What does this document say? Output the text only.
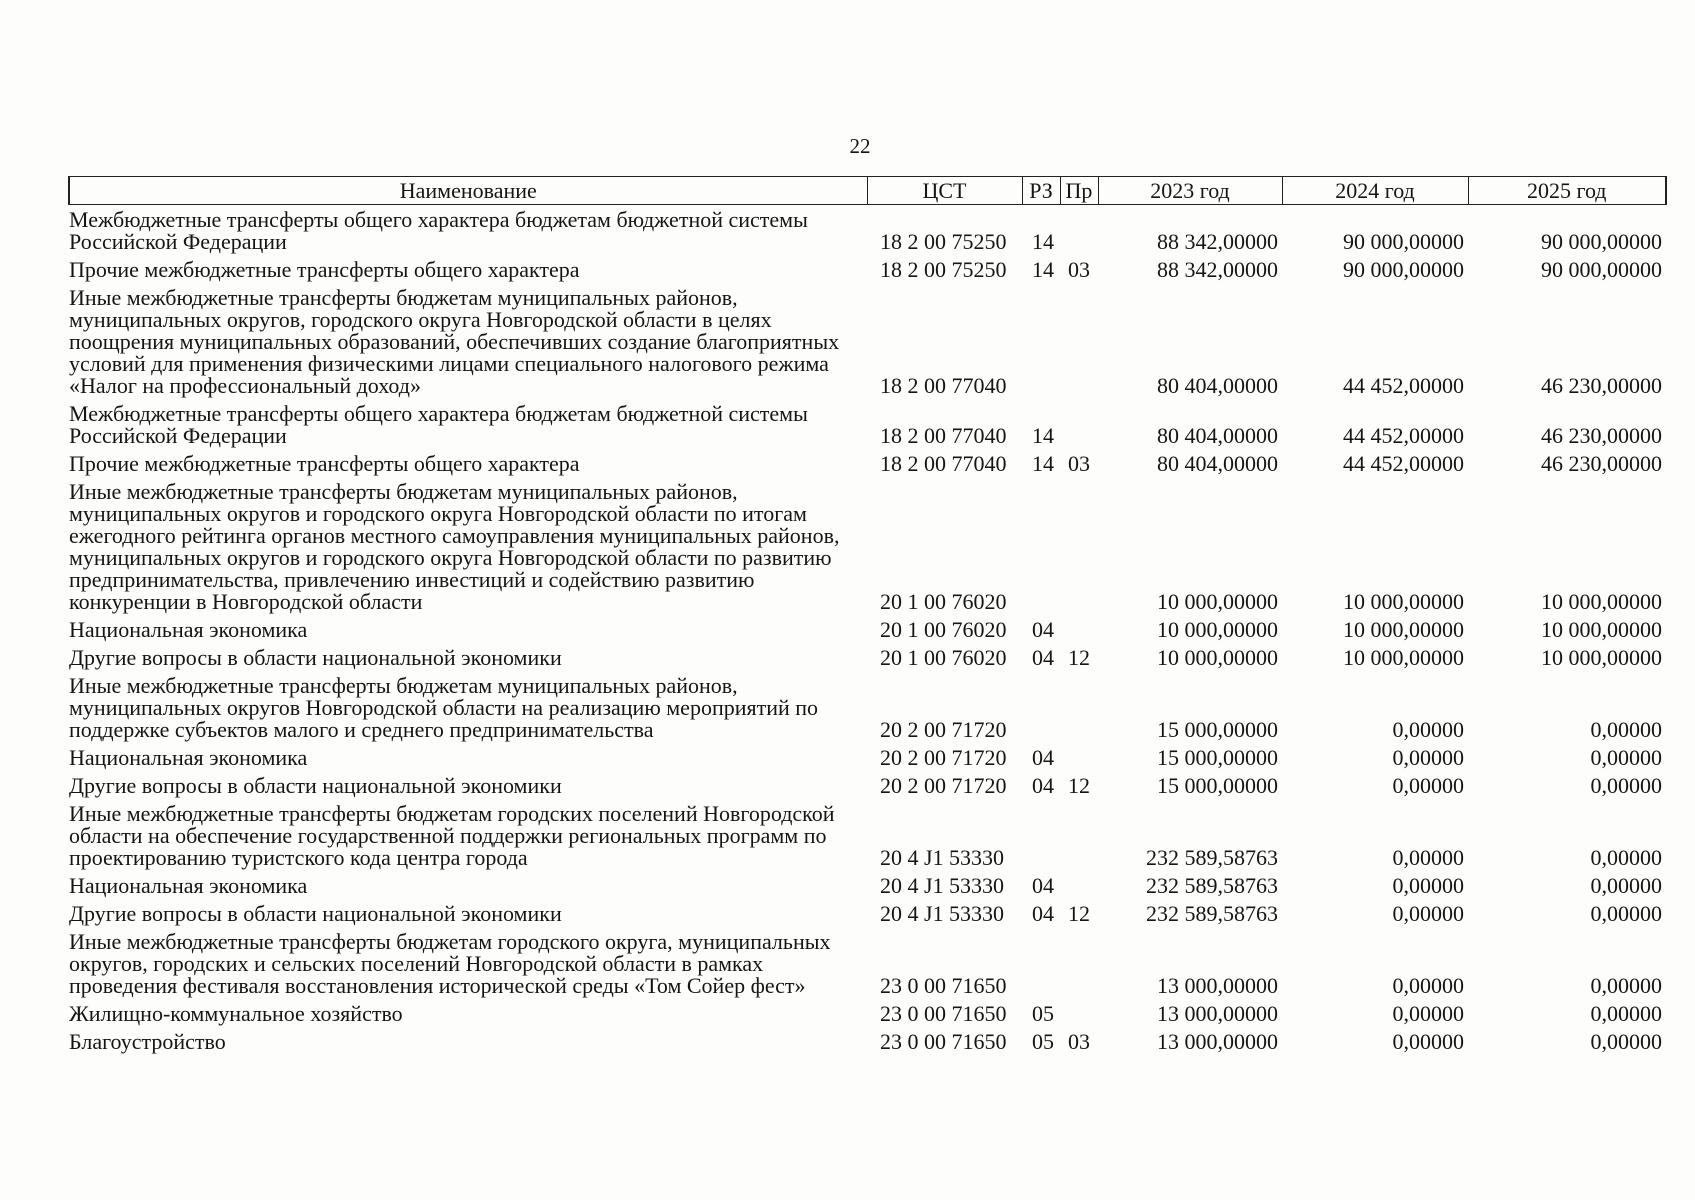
22
Наименование	ЦСТ	РЗ	Пр	2023 год	2024 год	2025 год
Межбюджетные трансферты общего характера бюджетам бюджетной системы Российской Федерации	18 2 00 75250	14		88 342,00000	90 000,00000	90 000,00000
Прочие межбюджетные трансферты общего характера	18 2 00 75250	14	03	88 342,00000	90 000,00000	90 000,00000
Иные межбюджетные трансферты бюджетам муниципальных районов, муниципальных округов, городского округа Новгородской области в целях поощрения муниципальных образований, обеспечивших создание благоприятных условий для применения физическими лицами специального налогового режима «Налог на профессиональный доход»	18 2 00 77040			80 404,00000	44 452,00000	46 230,00000
Межбюджетные трансферты общего характера бюджетам бюджетной системы Российской Федерации	18 2 00 77040	14		80 404,00000	44 452,00000	46 230,00000
Прочие межбюджетные трансферты общего характера	18 2 00 77040	14	03	80 404,00000	44 452,00000	46 230,00000
Иные межбюджетные трансферты бюджетам муниципальных районов, муниципальных округов и городского округа Новгородской области по итогам ежегодного рейтинга органов местного самоуправления муниципальных районов, муниципальных округов и городского округа Новгородской области по развитию предпринимательства, привлечению инвестиций и содействию развитию конкуренции в Новгородской области	20 1 00 76020			10 000,00000	10 000,00000	10 000,00000
Национальная экономика	20 1 00 76020	04		10 000,00000	10 000,00000	10 000,00000
Другие вопросы в области национальной экономики	20 1 00 76020	04	12	10 000,00000	10 000,00000	10 000,00000
Иные межбюджетные трансферты бюджетам муниципальных районов, муниципальных округов Новгородской области на реализацию мероприятий по поддержке субъектов малого и среднего предпринимательства	20 2 00 71720			15 000,00000	0,00000	0,00000
Национальная экономика	20 2 00 71720	04		15 000,00000	0,00000	0,00000
Другие вопросы в области национальной экономики	20 2 00 71720	04	12	15 000,00000	0,00000	0,00000
Иные межбюджетные трансферты бюджетам городских поселений Новгородской области на обеспечение государственной поддержки региональных программ по проектированию туристского кода центра города	20 4 J1 53330			232 589,58763	0,00000	0,00000
Национальная экономика	20 4 J1 53330	04		232 589,58763	0,00000	0,00000
Другие вопросы в области национальной экономики	20 4 J1 53330	04	12	232 589,58763	0,00000	0,00000
Иные межбюджетные трансферты бюджетам городского округа, муниципальных округов, городских и сельских поселений Новгородской области в рамках проведения фестиваля восстановления исторической среды «Том Сойер фест»	23 0 00 71650			13 000,00000	0,00000	0,00000
Жилищно-коммунальное хозяйство	23 0 00 71650	05		13 000,00000	0,00000	0,00000
Благоустройство	23 0 00 71650	05	03	13 000,00000	0,00000	0,00000
